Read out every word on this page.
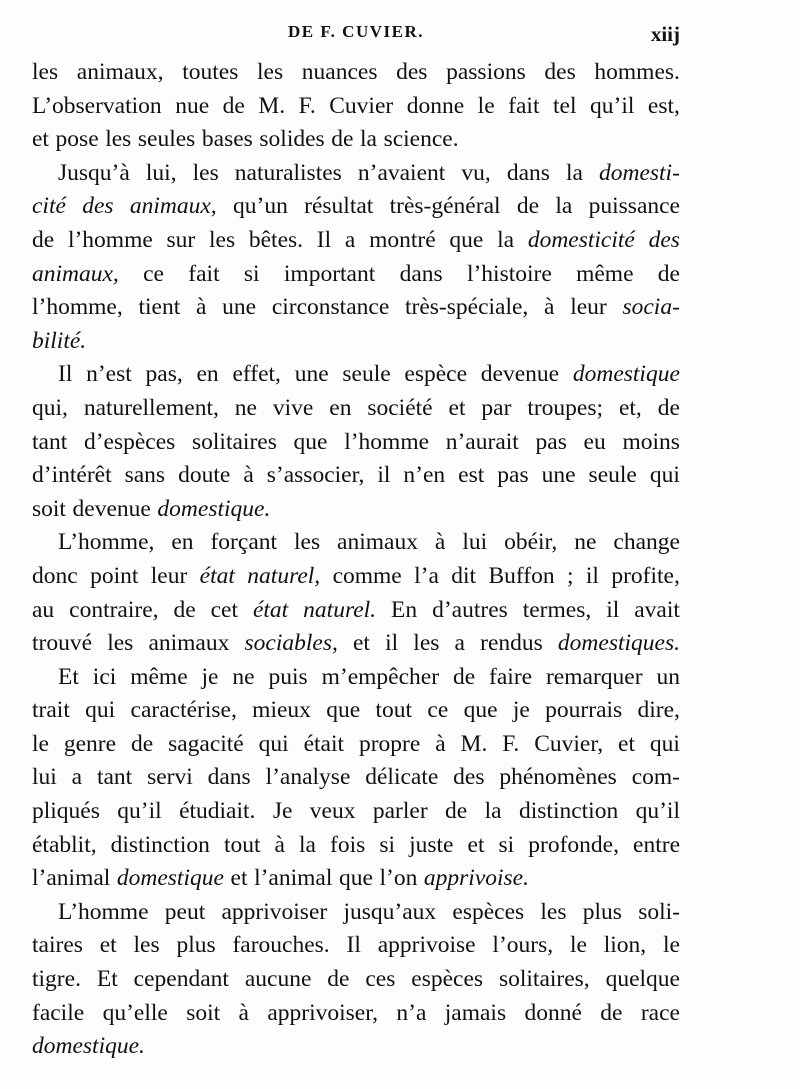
DE F. CUVIER.	xiij
les animaux, toutes les nuances des passions des hommes.
L’observation nue de M. F. Cuvier donne le fait tel qu’il est,
et pose les seules bases solides de la science.
Jusqu’à lui, les naturalistes n’avaient vu, dans la domesti-
cité des animaux, qu’un résultat très-général de la puissance
de l’homme sur les bêtes. Il a montré que la domesticité des
animaux, ce fait si important dans l’histoire même de
l’homme, tient à une circonstance très-spéciale, à leur socia-
bilité.
Il n’est pas, en effet, une seule espèce devenue domestique
qui, naturellement, ne vive en société et par troupes; et, de
tant d’espèces solitaires que l’homme n’aurait pas eu moins
d’intérêt sans doute à s’associer, il n’en est pas une seule qui
soit devenue domestique.
L’homme, en forçant les animaux à lui obéir, ne change
donc point leur état naturel, comme l’a dit Buffon ; il profite,
au contraire, de cet état naturel. En d’autres termes, il avait
trouvé les animaux sociables, et il les a rendus domestiques.
Et ici même je ne puis m’empêcher de faire remarquer un
trait qui caractérise, mieux que tout ce que je pourrais dire,
le genre de sagacité qui était propre à M. F. Cuvier, et qui
lui a tant servi dans l’analyse délicate des phénomènes com-
pliqués qu’il étudiait. Je veux parler de la distinction qu’il
établit, distinction tout à la fois si juste et si profonde, entre
l’animal domestique et l’animal que l’on apprivoise.
L’homme peut apprivoiser jusqu’aux espèces les plus soli-
taires et les plus farouches. Il apprivoise l’ours, le lion, le
tigre. Et cependant aucune de ces espèces solitaires, quelque
facile qu’elle soit à apprivoiser, n’a jamais donné de race
domestique.
